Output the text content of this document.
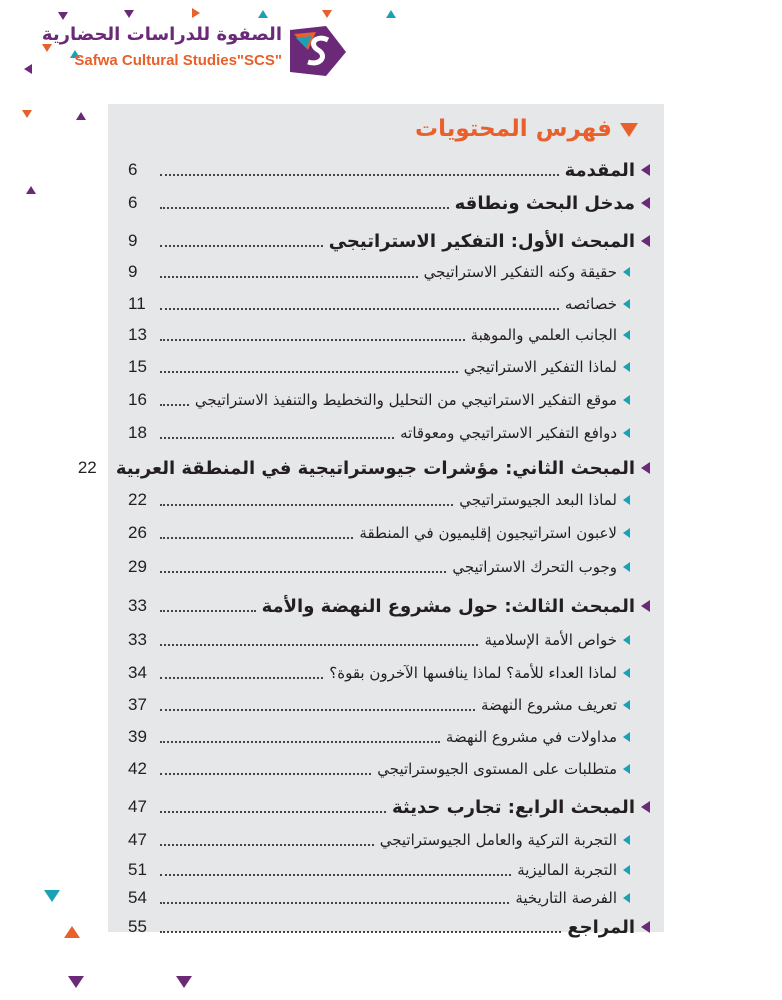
الصفوة للدراسات الحضارية
Safwa Cultural Studies"SCS"
فهرس المحتويات
المقدمة
6
مدخل البحث ونطاقه
6
المبحث الأول: التفكير الاستراتيجي
9
حقيقة وكنه التفكير الاستراتيجي
9
خصائصه
11
الجانب العلمي والموهبة
13
لماذا التفكير الاستراتيجي
15
موقع التفكير الاستراتيجي من التحليل والتخطيط والتنفيذ الاستراتيجي
16
دوافع التفكير الاستراتيجي ومعوقاته
18
المبحث الثاني: مؤشرات جيوستراتيجية في المنطقة العربية
22
لماذا البعد الجيوستراتيجي
22
لاعبون استراتيجيون إقليميون في المنطقة
26
وجوب التحرك الاستراتيجي
29
المبحث الثالث: حول مشروع النهضة والأمة
33
خواص الأمة الإسلامية
33
لماذا العداء للأمة؟ لماذا ينافسها الآخرون بقوة؟
34
تعريف مشروع النهضة
37
مداولات في مشروع النهضة
39
متطلبات على المستوى الجيوستراتيجي
42
المبحث الرابع: تجارب حديثة
47
التجربة التركية والعامل الجيوستراتيجي
47
التجربة الماليزية
51
الفرصة التاريخية
54
المراجع
55
